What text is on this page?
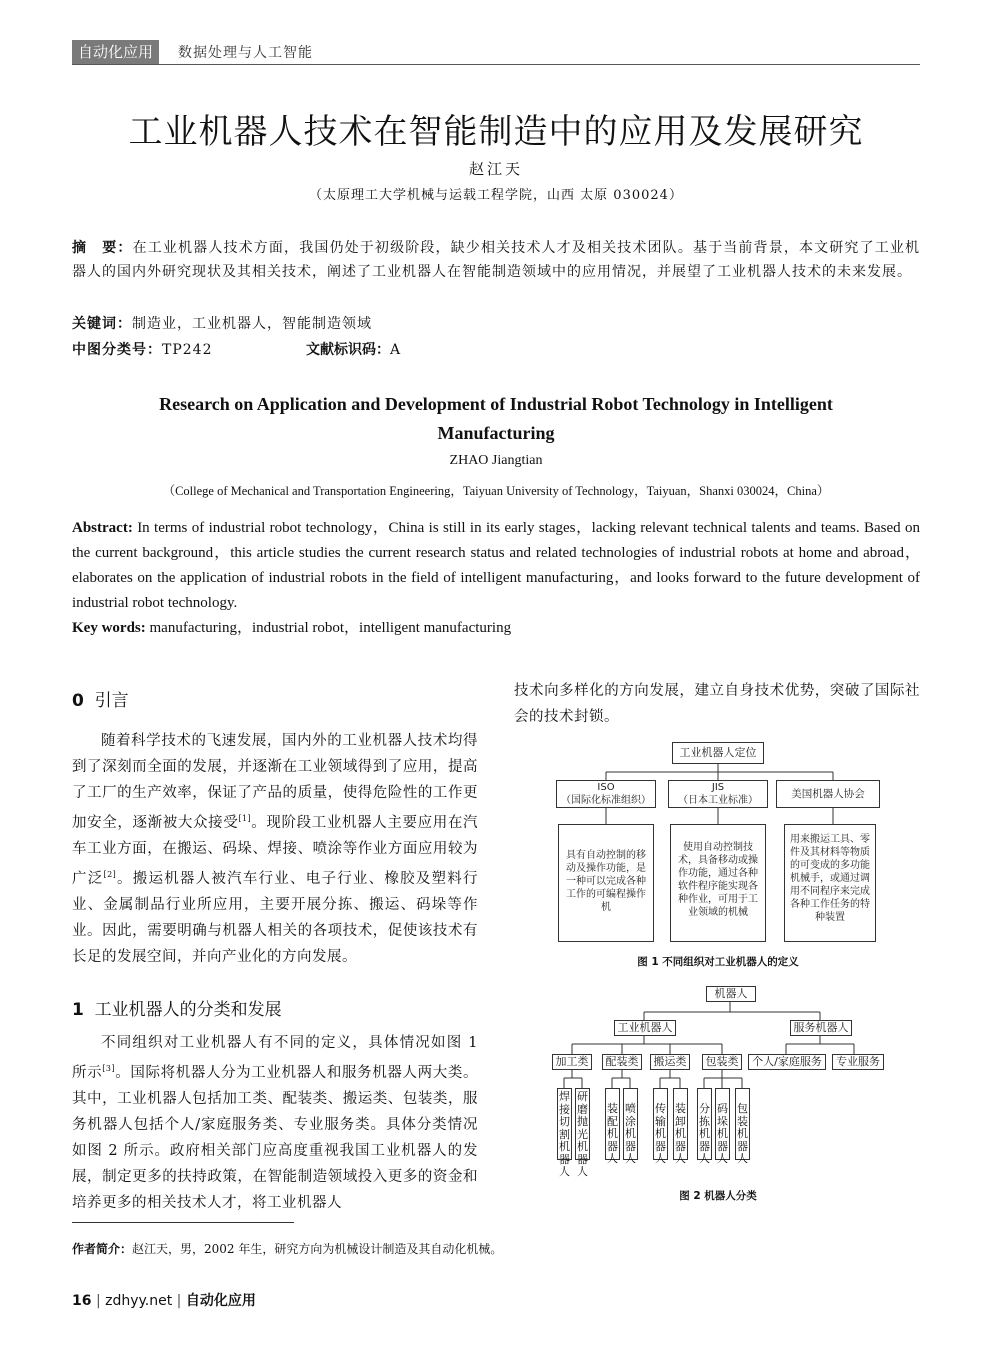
自动化应用	数据处理与人工智能
工业机器人技术在智能制造中的应用及发展研究
赵江天
（太原理工大学机械与运载工程学院，山西 太原 030024）
摘　要：在工业机器人技术方面，我国仍处于初级阶段，缺少相关技术人才及相关技术团队。基于当前背景，本文研究了工业机器人的国内外研究现状及其相关技术，阐述了工业机器人在智能制造领域中的应用情况，并展望了工业机器人技术的未来发展。
关键词：制造业，工业机器人，智能制造领域
中图分类号：TP242	文献标识码：A
Research on Application and Development of Industrial Robot Technology in Intelligent
Manufacturing
ZHAO Jiangtian
（College of Mechanical and Transportation Engineering，Taiyuan University of Technology，Taiyuan，Shanxi 030024，China）
Abstract: In terms of industrial robot technology，China is still in its early stages，lacking relevant technical talents and teams. Based on the current background，this article studies the current research status and related technologies of industrial robots at home and abroad，elaborates on the application of industrial robots in the field of intelligent manufacturing，and looks forward to the future development of industrial robot technology.
Key words: manufacturing，industrial robot，intelligent manufacturing
0 引言
随着科学技术的飞速发展，国内外的工业机器人技术均得到了深刻而全面的发展，并逐渐在工业领域得到了应用，提高了工厂的生产效率，保证了产品的质量，使得危险性的工作更加安全，逐渐被大众接受[1]。现阶段工业机器人主要应用在汽车工业方面，在搬运、码垛、焊接、喷涂等作业方面应用较为广泛[2]。搬运机器人被汽车行业、电子行业、橡胶及塑料行业、金属制品行业所应用，主要开展分拣、搬运、码垛等作业。因此，需要明确与机器人相关的各项技术，促使该技术有长足的发展空间，并向产业化的方向发展。
1 工业机器人的分类和发展
不同组织对工业机器人有不同的定义，具体情况如图 1 所示[3]。国际将机器人分为工业机器人和服务机器人两大类。其中，工业机器人包括加工类、配装类、搬运类、包装类，服务机器人包括个人/家庭服务类、专业服务类。具体分类情况如图 2 所示。政府相关部门应高度重视我国工业机器人的发展，制定更多的扶持政策，在智能制造领域投入更多的资金和培养更多的相关技术人才，将工业机器人
技术向多样化的方向发展，建立自身技术优势，突破了国际社会的技术封锁。
工业机器人定位
ISO
（国际化标准组织）
JIS
（日本工业标准）
美国机器人协会
具有自动控制的移动及操作功能，是一种可以完成各种工作的可编程操作机
使用自动控制技术，具备移动或操作功能，通过各种软件程序能实现各种作业，可用于工业领域的机械
用来搬运工具、零件及其材料等物质的可变成的多功能机械手，或通过调用不同程序来完成各种工作任务的特种装置
图 1 不同组织对工业机器人的定义
机器人
工业机器人	服务机器人
加工类	配装类	搬运类	包装类	个人/家庭服务	专业服务
焊接切割机器人
研磨抛光机器人
装配机器人
喷涂机器人
传输机器人
装卸机器人
分拣机器人
码垛机器人
包装机器人
图 2 机器人分类
作者简介：赵江天，男，2002 年生，研究方向为机械设计制造及其自动化机械。
16 | zdhyy.net | 自动化应用
